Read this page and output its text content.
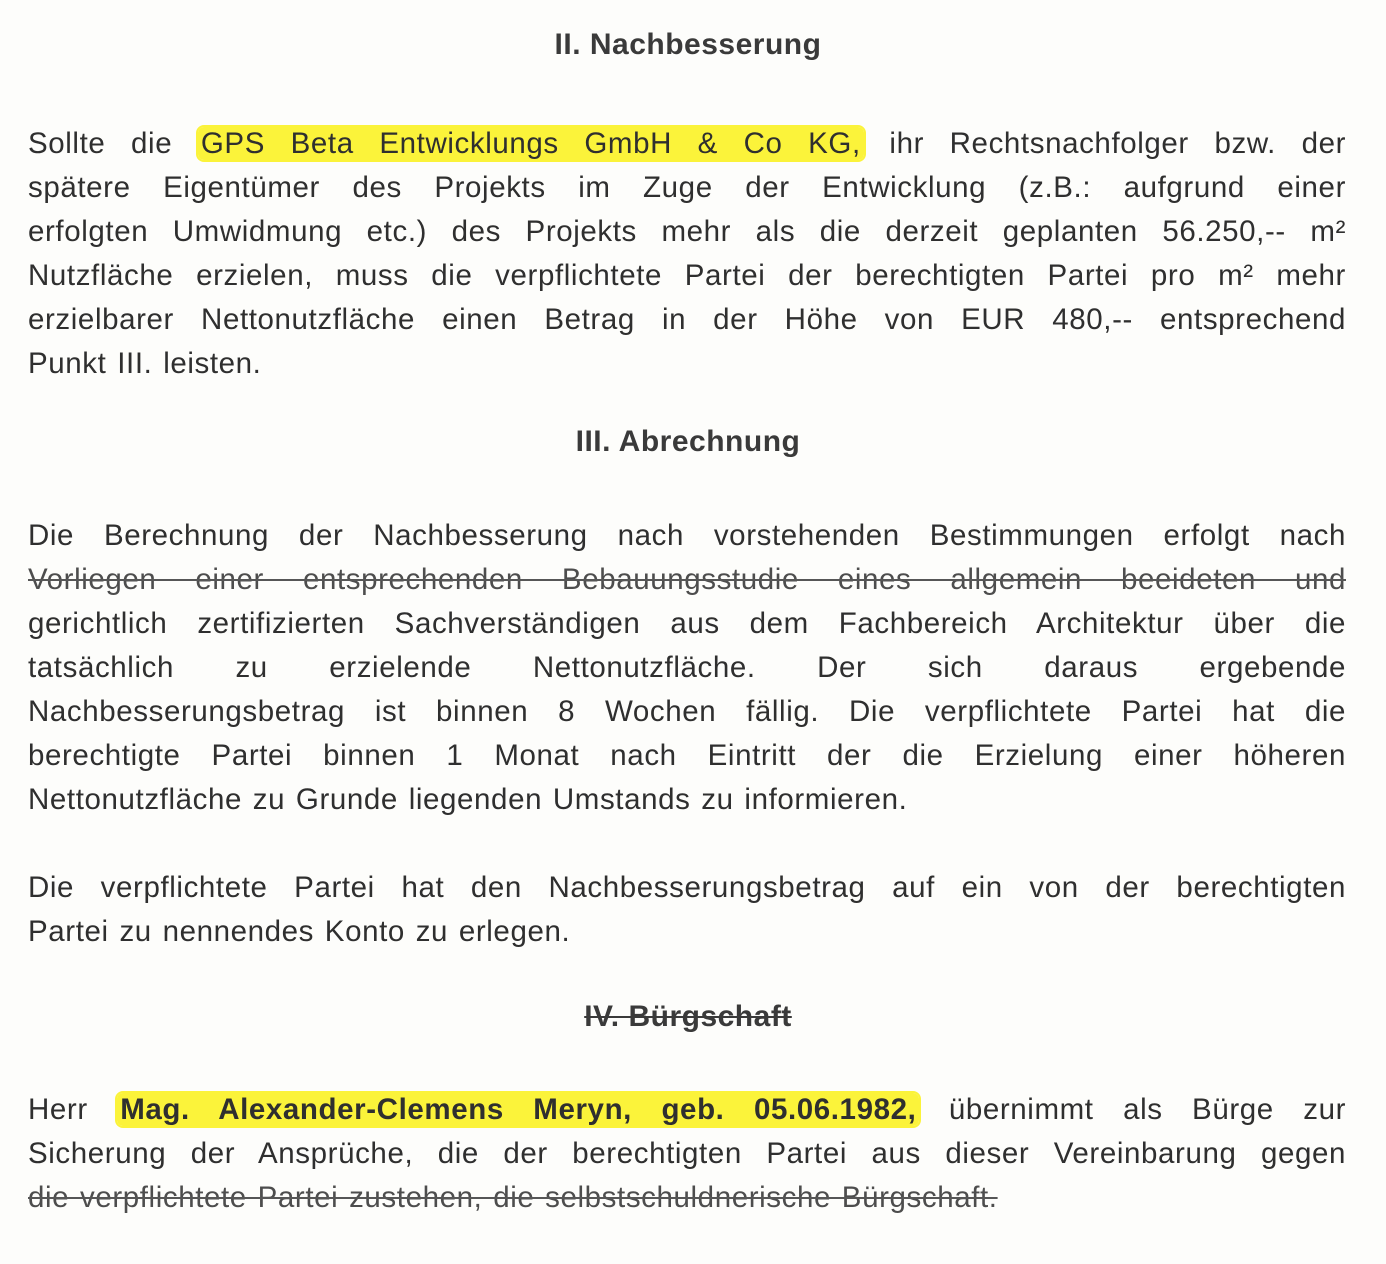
II. Nachbesserung
Sollte die GPS Beta Entwicklungs GmbH & Co KG, ihr Rechtsnachfolger bzw. der
spätere Eigentümer des Projekts im Zuge der Entwicklung (z.B.: aufgrund einer
erfolgten Umwidmung etc.) des Projekts mehr als die derzeit geplanten 56.250,-- m²
Nutzfläche erzielen, muss die verpflichtete Partei der berechtigten Partei pro m² mehr
erzielbarer Nettonutzfläche einen Betrag in der Höhe von EUR 480,-- entsprechend
Punkt III. leisten.
III. Abrechnung
Die Berechnung der Nachbesserung nach vorstehenden Bestimmungen erfolgt nach
Vorliegen einer entsprechenden Bebauungsstudie eines allgemein beeideten und
gerichtlich zertifizierten Sachverständigen aus dem Fachbereich Architektur über die
tatsächlich zu erzielende Nettonutzfläche. Der sich daraus ergebende
Nachbesserungsbetrag ist binnen 8 Wochen fällig. Die verpflichtete Partei hat die
berechtigte Partei binnen 1 Monat nach Eintritt der die Erzielung einer höheren
Nettonutzfläche zu Grunde liegenden Umstands zu informieren.
Die verpflichtete Partei hat den Nachbesserungsbetrag auf ein von der berechtigten
Partei zu nennendes Konto zu erlegen.
IV. Bürgschaft
Herr Mag. Alexander-Clemens Meryn, geb. 05.06.1982, übernimmt als Bürge zur
Sicherung der Ansprüche, die der berechtigten Partei aus dieser Vereinbarung gegen
die verpflichtete Partei zustehen, die selbstschuldnerische Bürgschaft.
